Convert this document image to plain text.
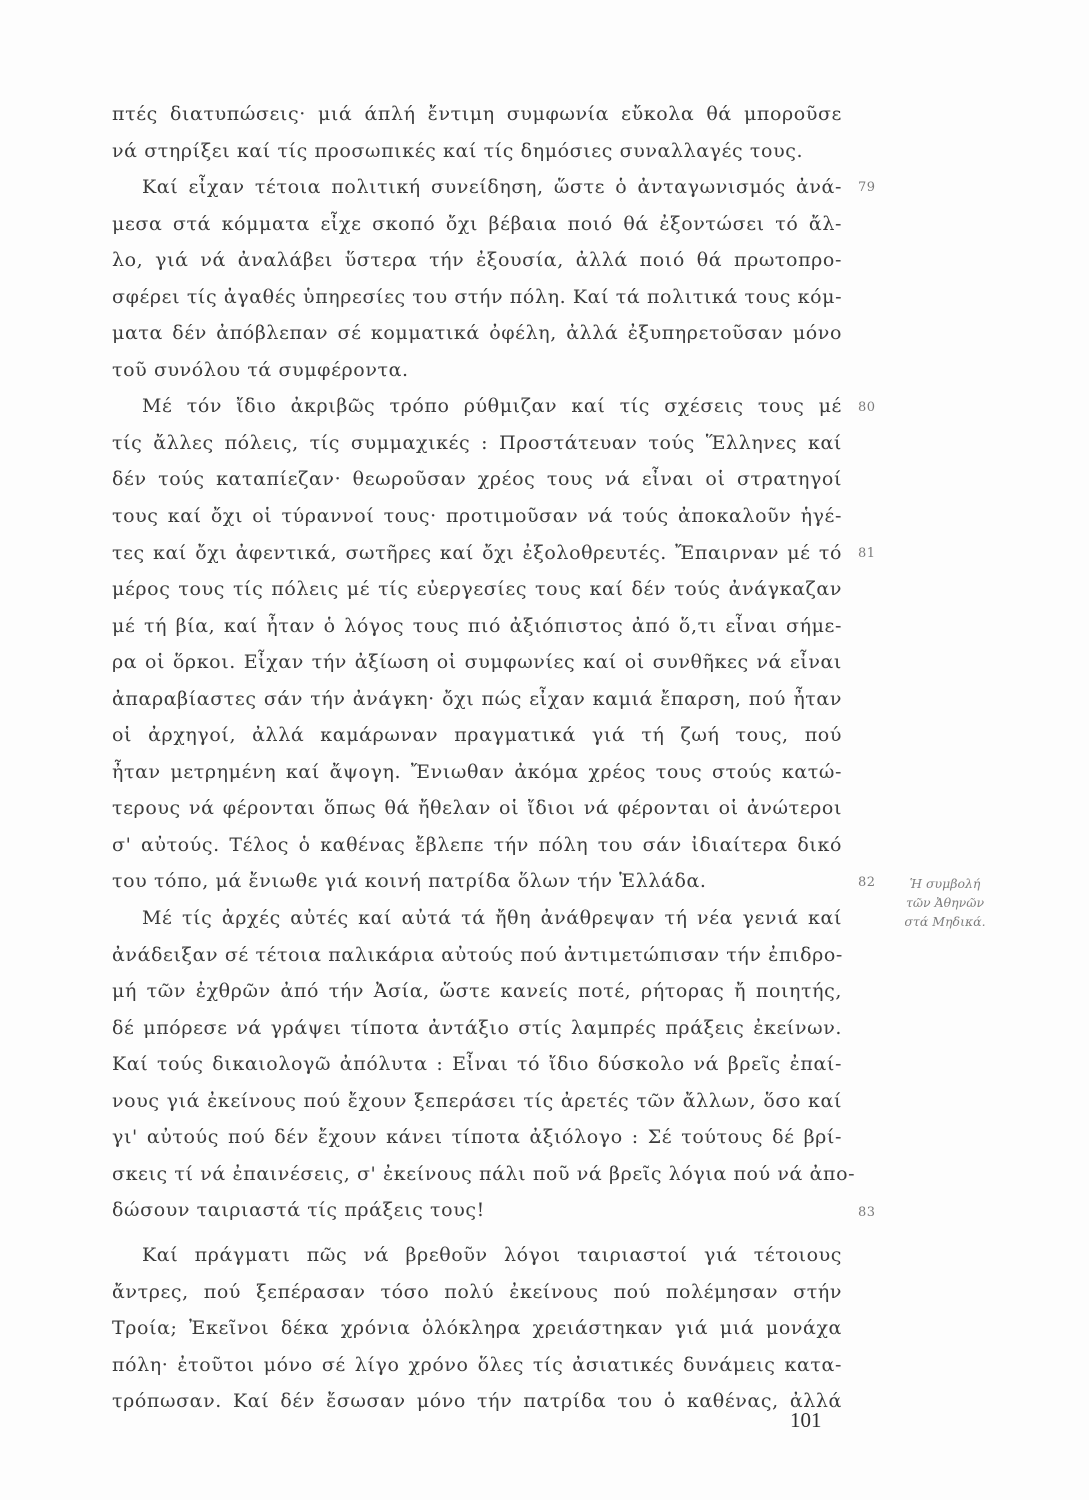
πτές διατυπώσεις· μιά άπλή ἔντιμη συμφωνία εὔκολα θά μποροῦσε
νά στηρίξει καί τίς προσωπικές καί τίς δημόσιες συναλλαγές τους.
Καί εἶχαν τέτοια πολιτική συνείδηση, ὥστε ὁ ἀνταγωνισμός ἀνά-
μεσα στά κόμματα εἶχε σκοπό ὄχι βέβαια ποιό θά ἐξοντώσει τό ἄλ-
λο, γιά νά ἀναλάβει ὕστερα τήν ἐξουσία, ἀλλά ποιό θά πρωτοπρο-
σφέρει τίς ἀγαθές ὑπηρεσίες του στήν πόλη. Καί τά πολιτικά τους κόμ-
ματα δέν ἀπόβλεπαν σέ κομματικά ὀφέλη, ἀλλά ἐξυπηρετοῦσαν μόνο
τοῦ συνόλου τά συμφέροντα.
Μέ τόν ἴδιο ἀκριβῶς τρόπο ρύθμιζαν καί τίς σχέσεις τους μέ
τίς ἄλλες πόλεις, τίς συμμαχικές : Προστάτευαν τούς Ἕλληνες καί
δέν τούς καταπίεζαν· θεωροῦσαν χρέος τους νά εἶναι οἱ στρατηγοί
τους καί ὄχι οἱ τύραννοί τους· προτιμοῦσαν νά τούς ἀποκαλοῦν ἡγέ-
τες καί ὄχι ἀφεντικά, σωτῆρες καί ὄχι ἐξολοθρευτές. Ἔπαιρναν μέ τό
μέρος τους τίς πόλεις μέ τίς εὐεργεσίες τους καί δέν τούς ἀνάγκαζαν
μέ τή βία, καί ἦταν ὁ λόγος τους πιό ἀξιόπιστος ἀπό ὅ,τι εἶναι σήμε-
ρα οἱ ὅρκοι. Εἶχαν τήν ἀξίωση οἱ συμφωνίες καί οἱ συνθῆκες νά εἶναι
ἀπαραβίαστες σάν τήν ἀνάγκη· ὄχι πώς εἶχαν καμιά ἔπαρση, πού ἦταν
οἱ ἀρχηγοί, ἀλλά καμάρωναν πραγματικά γιά τή ζωή τους, πού
ἦταν μετρημένη καί ἄψογη. Ἔνιωθαν ἀκόμα χρέος τους στούς κατώ-
τερους νά φέρονται ὅπως θά ἤθελαν οἱ ἴδιοι νά φέρονται οἱ ἀνώτεροι
σ' αὐτούς. Τέλος ὁ καθένας ἔβλεπε τήν πόλη του σάν ἰδιαίτερα δικό
του τόπο, μά ἔνιωθε γιά κοινή πατρίδα ὅλων τήν Ἑλλάδα.
Μέ τίς ἀρχές αὐτές καί αὐτά τά ἤθη ἀνάθρεψαν τή νέα γενιά καί
ἀνάδειξαν σέ τέτοια παλικάρια αὐτούς πού ἀντιμετώπισαν τήν ἐπιδρο-
μή τῶν ἐχθρῶν ἀπό τήν Ἀσία, ὥστε κανείς ποτέ, ρήτορας ἤ ποιητής,
δέ μπόρεσε νά γράψει τίποτα ἀντάξιο στίς λαμπρές πράξεις ἐκείνων.
Καί τούς δικαιολογῶ ἀπόλυτα : Εἶναι τό ἴδιο δύσκολο νά βρεῖς ἐπαί-
νους γιά ἐκείνους πού ἔχουν ξεπεράσει τίς ἀρετές τῶν ἄλλων, ὅσο καί
γι' αὐτούς πού δέν ἔχουν κάνει τίποτα ἀξιόλογο : Σέ τούτους δέ βρί-
σκεις τί νά ἐπαινέσεις, σ' ἐκείνους πάλι ποῦ νά βρεῖς λόγια πού νά ἀπο-
δώσουν ταιριαστά τίς πράξεις τους!
Καί πράγματι πῶς νά βρεθοῦν λόγοι ταιριαστοί γιά τέτοιους
ἄντρες, πού ξεπέρασαν τόσο πολύ ἐκείνους πού πολέμησαν στήν
Τροία; Ἐκεῖνοι δέκα χρόνια ὁλόκληρα χρειάστηκαν γιά μιά μονάχα
πόλη· ἐτοῦτοι μόνο σέ λίγο χρόνο ὅλες τίς ἀσιατικές δυνάμεις κατα-
τρόπωσαν. Καί δέν ἔσωσαν μόνο τήν πατρίδα του ὁ καθένας, ἀλλά
79
80
81
82
83
Ἡ συμβολή
τῶν Ἀθηνῶν
στά Μηδικά.
101
